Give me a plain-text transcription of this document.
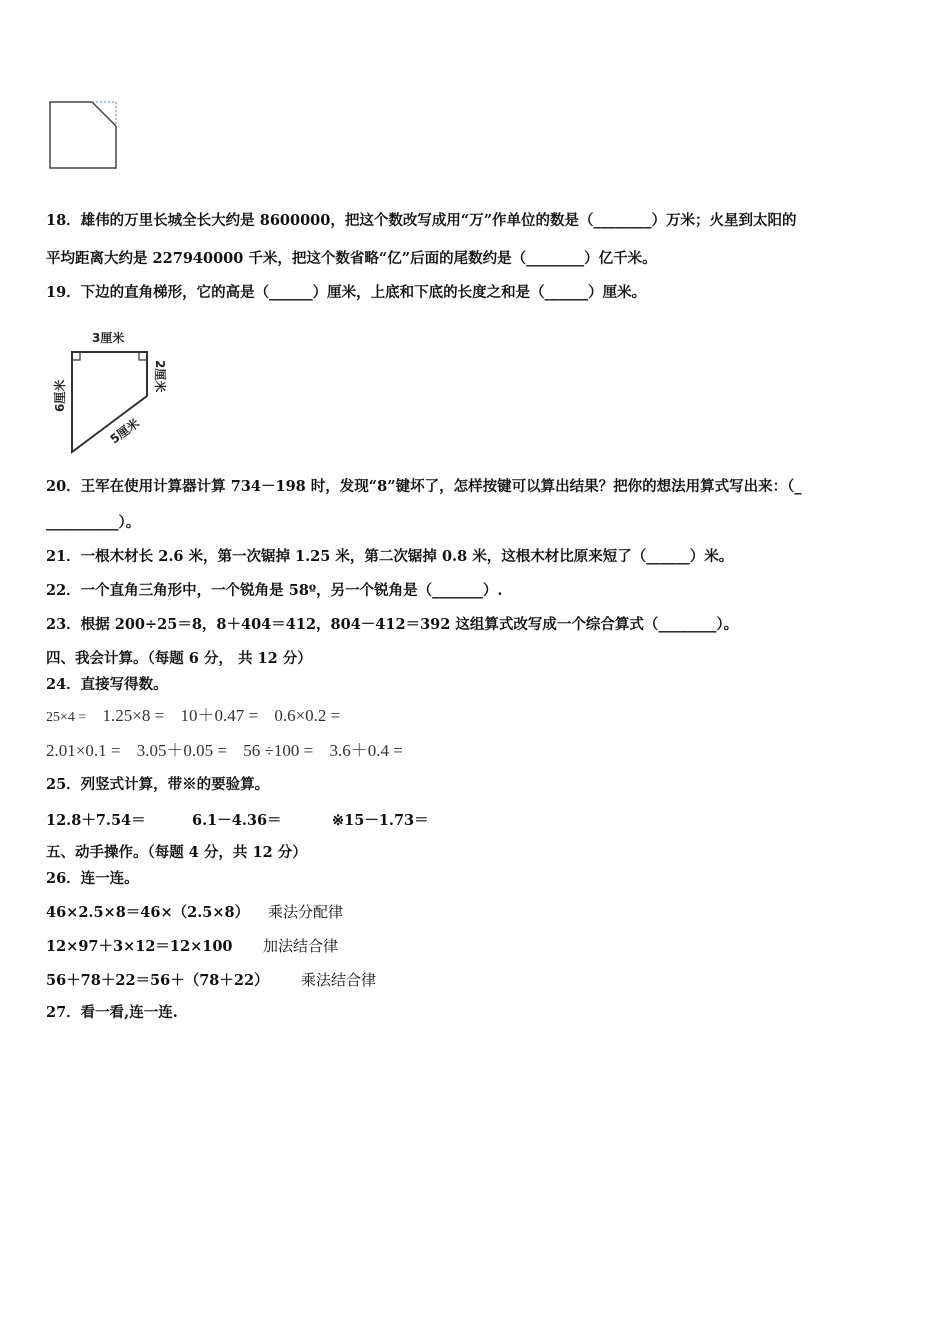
18．雄伟的万里长城全长大约是 8600000，把这个数改写成用“万”作单位的数是（________）万米；火星到太阳的
平均距离大约是 227940000 千米，把这个数省略“亿”后面的尾数约是（________）亿千米。
19．下边的直角梯形，它的高是（______）厘米，上底和下底的长度之和是（______）厘米。
3厘米
6厘米
2厘米
5厘米
20．王军在使用计算器计算 734－198 时，发现“8”键坏了，怎样按键可以算出结果？把你的想法用算式写出来：（_
__________）。
21．一根木材长 2.6 米，第一次锯掉 1.25 米，第二次锯掉 0.8 米，这根木材比原来短了（______）米。
22．一个直角三角形中，一个锐角是 58º，另一个锐角是（_______）.
23．根据 200÷25＝8，8＋404＝412，804－412＝392 这组算式改写成一个综合算式（________）。
四、我会计算。（每题 6 分， 共 12 分）
24．直接写得数。
25×4 = 1.25×8 = 10＋0.47 = 0.6×0.2 =
2.01×0.1 = 3.05＋0.05 = 56 ÷100 = 3.6＋0.4 =
25．列竖式计算，带※的要验算。
12.8＋7.54＝	6.1－4.36＝	※15－1.73＝
五、动手操作。（每题 4 分，共 12 分）
26．连一连。
46×2.5×8＝46×（2.5×8） 乘法分配律
12×97＋3×12＝12×100 加法结合律
56＋78＋22＝56＋（78＋22） 乘法结合律
27．看一看,连一连.
